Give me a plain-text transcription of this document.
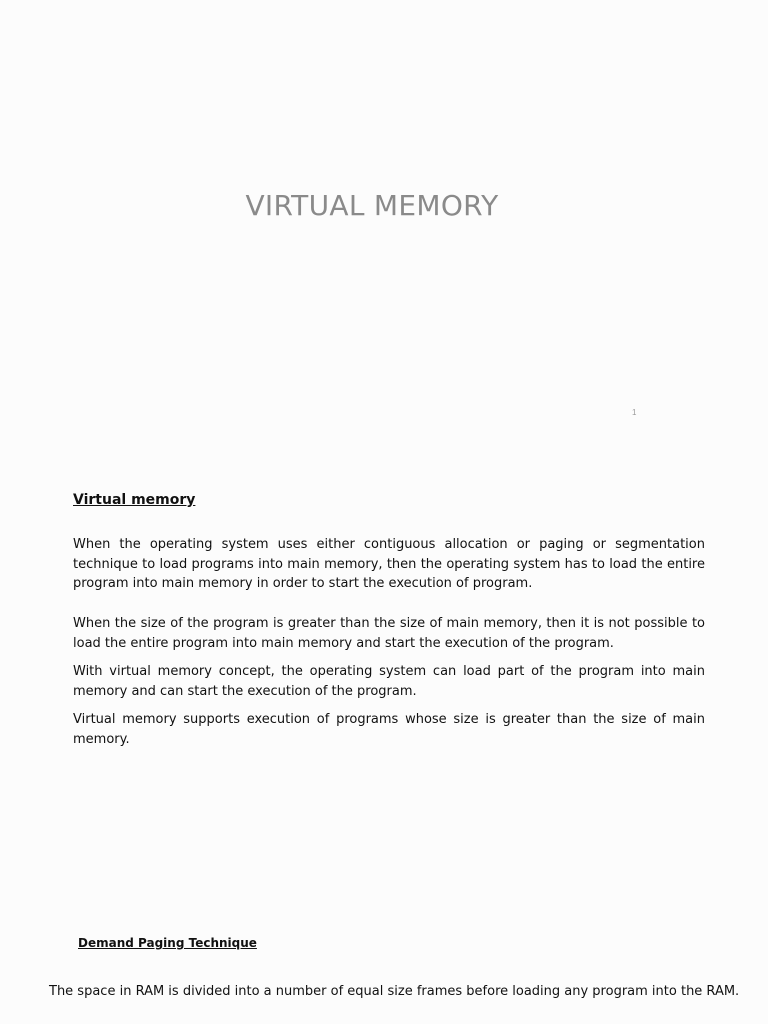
VIRTUAL MEMORY
1
Virtual memory

When the operating system uses either contiguous allocation or paging or segmentation technique to load programs into main memory, then the operating system has to load the entire program into main memory in order to start the execution of program.

When the size of the program is greater than the size of main memory, then it is not possible to load the entire program into main memory and start the execution of the program.

With virtual memory concept, the operating system can load part of the program into main memory and can start the execution of the program.

Virtual memory supports execution of programs whose size is greater than the size of main memory.

Demand Paging Technique

The space in RAM is divided into a number of equal size frames before loading any program into the RAM.
